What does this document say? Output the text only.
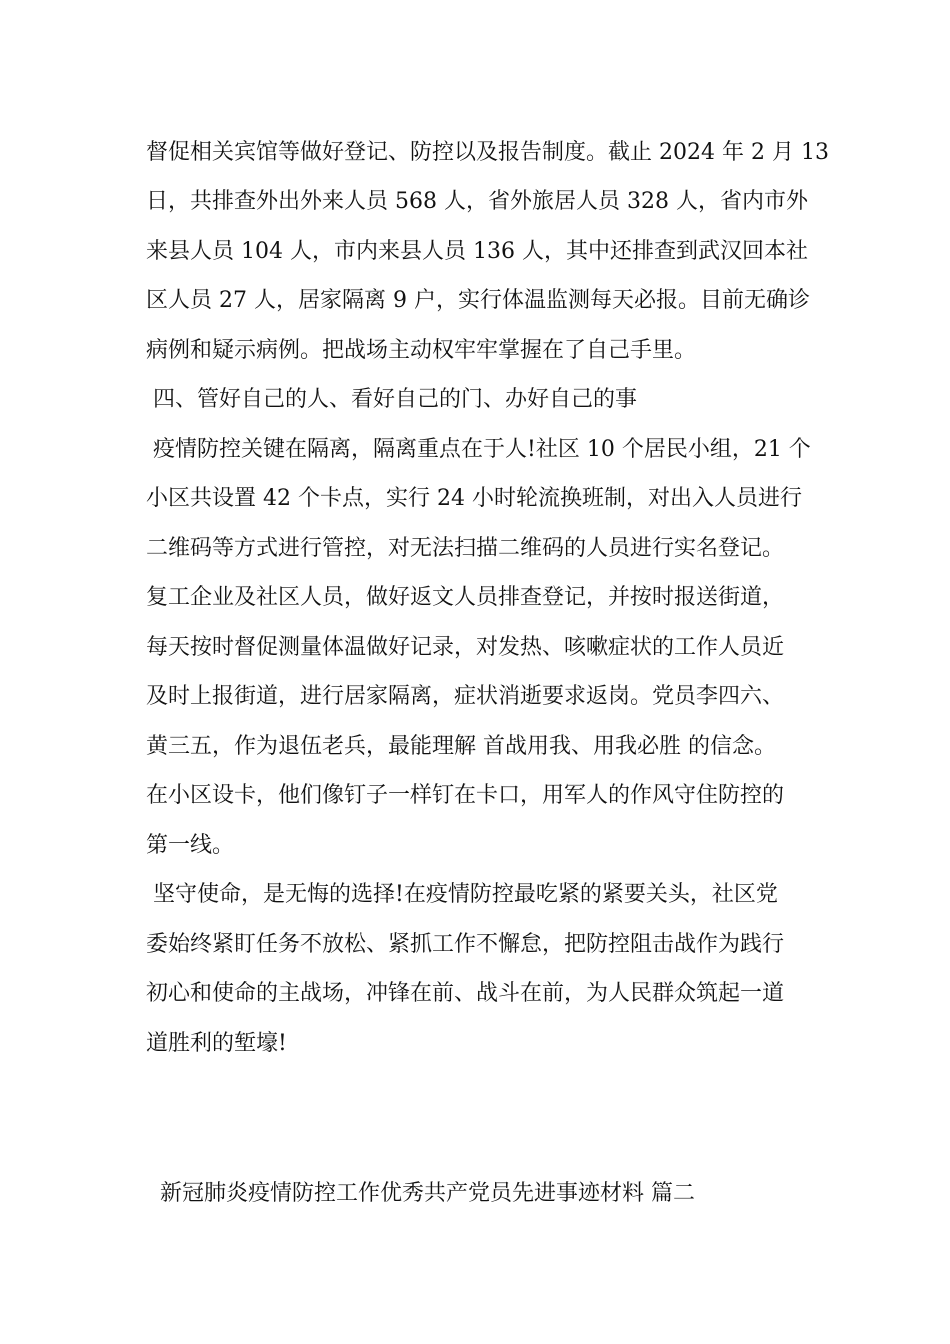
督促相关宾馆等做好登记、防控以及报告制度。截止 2024 年 2 月 13
日，共排查外出外来人员 568 人，省外旅居人员 328 人，省内市外
来县人员 104 人，市内来县人员 136 人，其中还排查到武汉回本社
区人员 27 人，居家隔离 9 户，实行体温监测每天必报。目前无确诊
病例和疑示病例。把战场主动权牢牢掌握在了自己手里。
四、管好自己的人、看好自己的门、办好自己的事
疫情防控关键在隔离，隔离重点在于人!社区 10 个居民小组，21 个
小区共设置 42 个卡点，实行 24 小时轮流换班制，对出入人员进行
二维码等方式进行管控，对无法扫描二维码的人员进行实名登记。
复工企业及社区人员，做好返文人员排查登记，并按时报送街道，
每天按时督促测量体温做好记录，对发热、咳嗽症状的工作人员近
及时上报街道，进行居家隔离，症状消逝要求返岗。党员李四六、
黄三五，作为退伍老兵，最能理解 首战用我、用我必胜 的信念。
在小区设卡，他们像钉子一样钉在卡口，用军人的作风守住防控的
第一线。
坚守使命，是无悔的选择!在疫情防控最吃紧的紧要关头，社区党
委始终紧盯任务不放松、紧抓工作不懈怠，把防控阻击战作为践行
初心和使命的主战场，冲锋在前、战斗在前，为人民群众筑起一道
道胜利的堑壕!
新冠肺炎疫情防控工作优秀共产党员先进事迹材料 篇二
